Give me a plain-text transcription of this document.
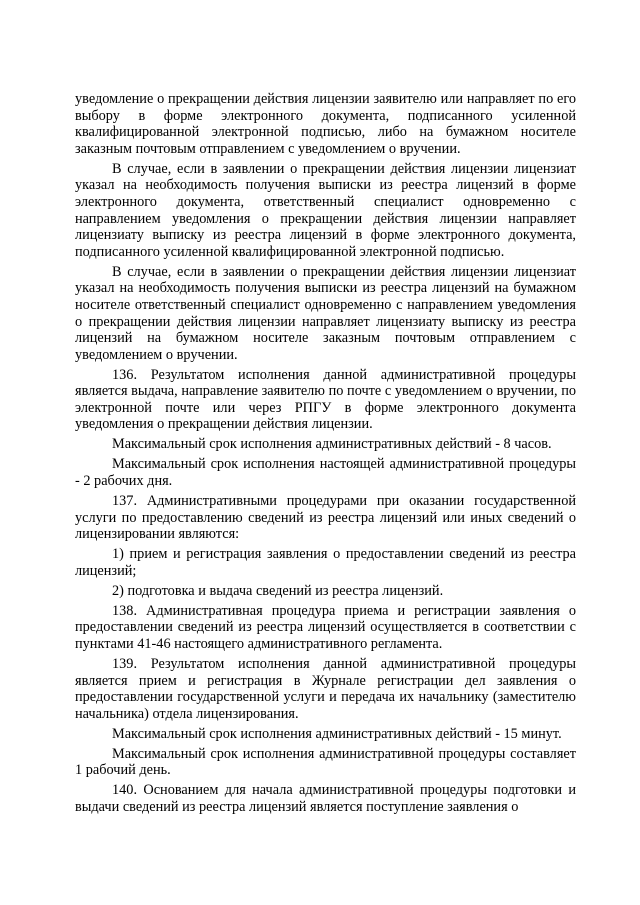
уведомление о прекращении действия лицензии заявителю или направляет по его выбору в форме электронного документа, подписанного усиленной квалифицированной электронной подписью, либо на бумажном носителе заказным почтовым отправлением с уведомлением о вручении.

В случае, если в заявлении о прекращении действия лицензии лицензиат указал на необходимость получения выписки из реестра лицензий в форме электронного документа, ответственный специалист одновременно с направлением уведомления о прекращении действия лицензии направляет лицензиату выписку из реестра лицензий в форме электронного документа, подписанного усиленной квалифицированной электронной подписью.

В случае, если в заявлении о прекращении действия лицензии лицензиат указал на необходимость получения выписки из реестра лицензий на бумажном носителе ответственный специалист одновременно с направлением уведомления о прекращении действия лицензии направляет лицензиату выписку из реестра лицензий на бумажном носителе заказным почтовым отправлением с уведомлением о вручении.

136. Результатом исполнения данной административной процедуры является выдача, направление заявителю по почте с уведомлением о вручении, по электронной почте или через РПГУ в форме электронного документа уведомления о прекращении действия лицензии.

Максимальный срок исполнения административных действий - 8 часов.

Максимальный срок исполнения настоящей административной процедуры - 2 рабочих дня.

137. Административными процедурами при оказании государственной услуги по предоставлению сведений из реестра лицензий или иных сведений о лицензировании являются:

1) прием и регистрация заявления о предоставлении сведений из реестра лицензий;

2) подготовка и выдача сведений из реестра лицензий.

138. Административная процедура приема и регистрации заявления о предоставлении сведений из реестра лицензий осуществляется в соответствии с пунктами 41-46 настоящего административного регламента.

139. Результатом исполнения данной административной процедуры является прием и регистрация в Журнале регистрации дел заявления о предоставлении государственной услуги и передача их начальнику (заместителю начальника) отдела лицензирования.

Максимальный срок исполнения административных действий - 15 минут.

Максимальный срок исполнения административной процедуры составляет 1 рабочий день.

140. Основанием для начала административной процедуры подготовки и выдачи сведений из реестра лицензий является поступление заявления о
